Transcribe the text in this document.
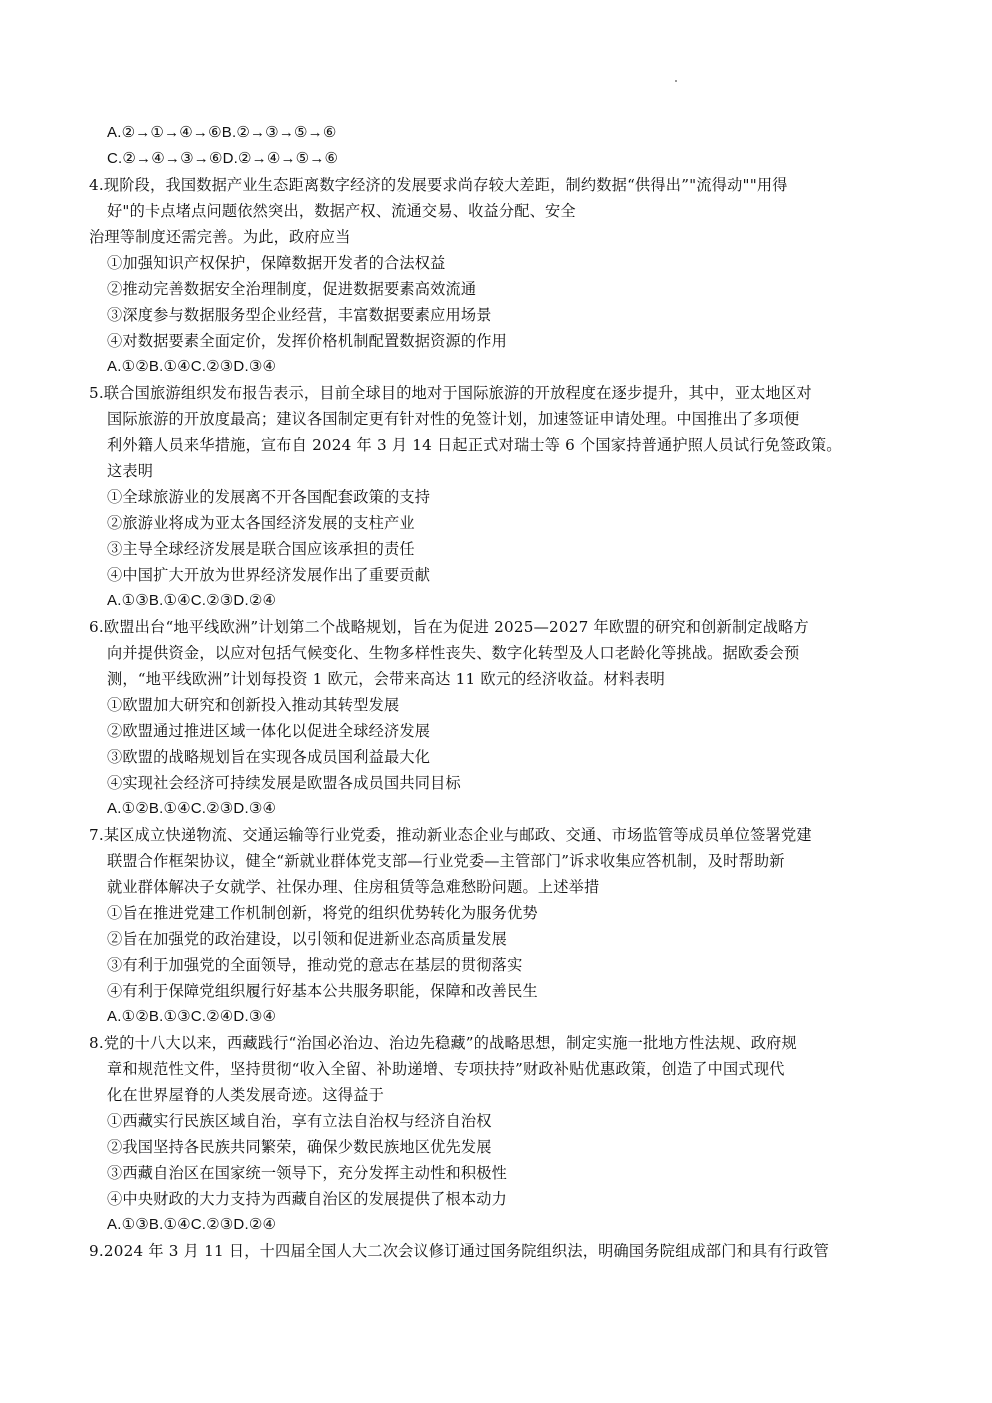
A.②→①→④→⑥B.②→③→⑤→⑥
C.②→④→③→⑥D.②→④→⑤→⑥
4.现阶段，我国数据产业生态距离数字经济的发展要求尚存较大差距，制约数据“供得出”"流得动""用得
好"的卡点堵点问题依然突出，数据产权、流通交易、收益分配、安全
治理等制度还需完善。为此，政府应当
①加强知识产权保护，保障数据开发者的合法权益
②推动完善数据安全治理制度，促进数据要素高效流通
③深度参与数据服务型企业经营，丰富数据要素应用场景
④对数据要素全面定价，发挥价格机制配置数据资源的作用
A.①②B.①④C.②③D.③④
5.联合国旅游组织发布报告表示，目前全球目的地对于国际旅游的开放程度在逐步提升，其中，亚太地区对
国际旅游的开放度最高；建议各国制定更有针对性的免签计划，加速签证申请处理。中国推出了多项便
利外籍人员来华措施，宣布自 2024 年 3 月 14 日起正式对瑞士等 6 个国家持普通护照人员试行免签政策。
这表明
①全球旅游业的发展离不开各国配套政策的支持
②旅游业将成为亚太各国经济发展的支柱产业
③主导全球经济发展是联合国应该承担的责任
④中国扩大开放为世界经济发展作出了重要贡献
A.①③B.①④C.②③D.②④
6.欧盟出台“地平线欧洲”计划第二个战略规划，旨在为促进 2025—2027 年欧盟的研究和创新制定战略方
向并提供资金，以应对包括气候变化、生物多样性丧失、数字化转型及人口老龄化等挑战。据欧委会预
测，“地平线欧洲”计划每投资 1 欧元，会带来高达 11 欧元的经济收益。材料表明
①欧盟加大研究和创新投入推动其转型发展
②欧盟通过推进区域一体化以促进全球经济发展
③欧盟的战略规划旨在实现各成员国利益最大化
④实现社会经济可持续发展是欧盟各成员国共同目标
A.①②B.①④C.②③D.③④
7.某区成立快递物流、交通运输等行业党委，推动新业态企业与邮政、交通、市场监管等成员单位签署党建
联盟合作框架协议，健全“新就业群体党支部—行业党委—主管部门”诉求收集应答机制，及时帮助新
就业群体解决子女就学、社保办理、住房租赁等急难愁盼问题。上述举措
①旨在推进党建工作机制创新，将党的组织优势转化为服务优势
②旨在加强党的政治建设，以引领和促进新业态高质量发展
③有利于加强党的全面领导，推动党的意志在基层的贯彻落实
④有利于保障党组织履行好基本公共服务职能，保障和改善民生
A.①②B.①③C.②④D.③④
8.党的十八大以来，西藏践行“治国必治边、治边先稳藏”的战略思想，制定实施一批地方性法规、政府规
章和规范性文件，坚持贯彻“收入全留、补助递增、专项扶持”财政补贴优惠政策，创造了中国式现代
化在世界屋脊的人类发展奇迹。这得益于
①西藏实行民族区域自治，享有立法自治权与经济自治权
②我国坚持各民族共同繁荣，确保少数民族地区优先发展
③西藏自治区在国家统一领导下，充分发挥主动性和积极性
④中央财政的大力支持为西藏自治区的发展提供了根本动力
A.①③B.①④C.②③D.②④
9.2024 年 3 月 11 日，十四届全国人大二次会议修订通过国务院组织法，明确国务院组成部门和具有行政管
